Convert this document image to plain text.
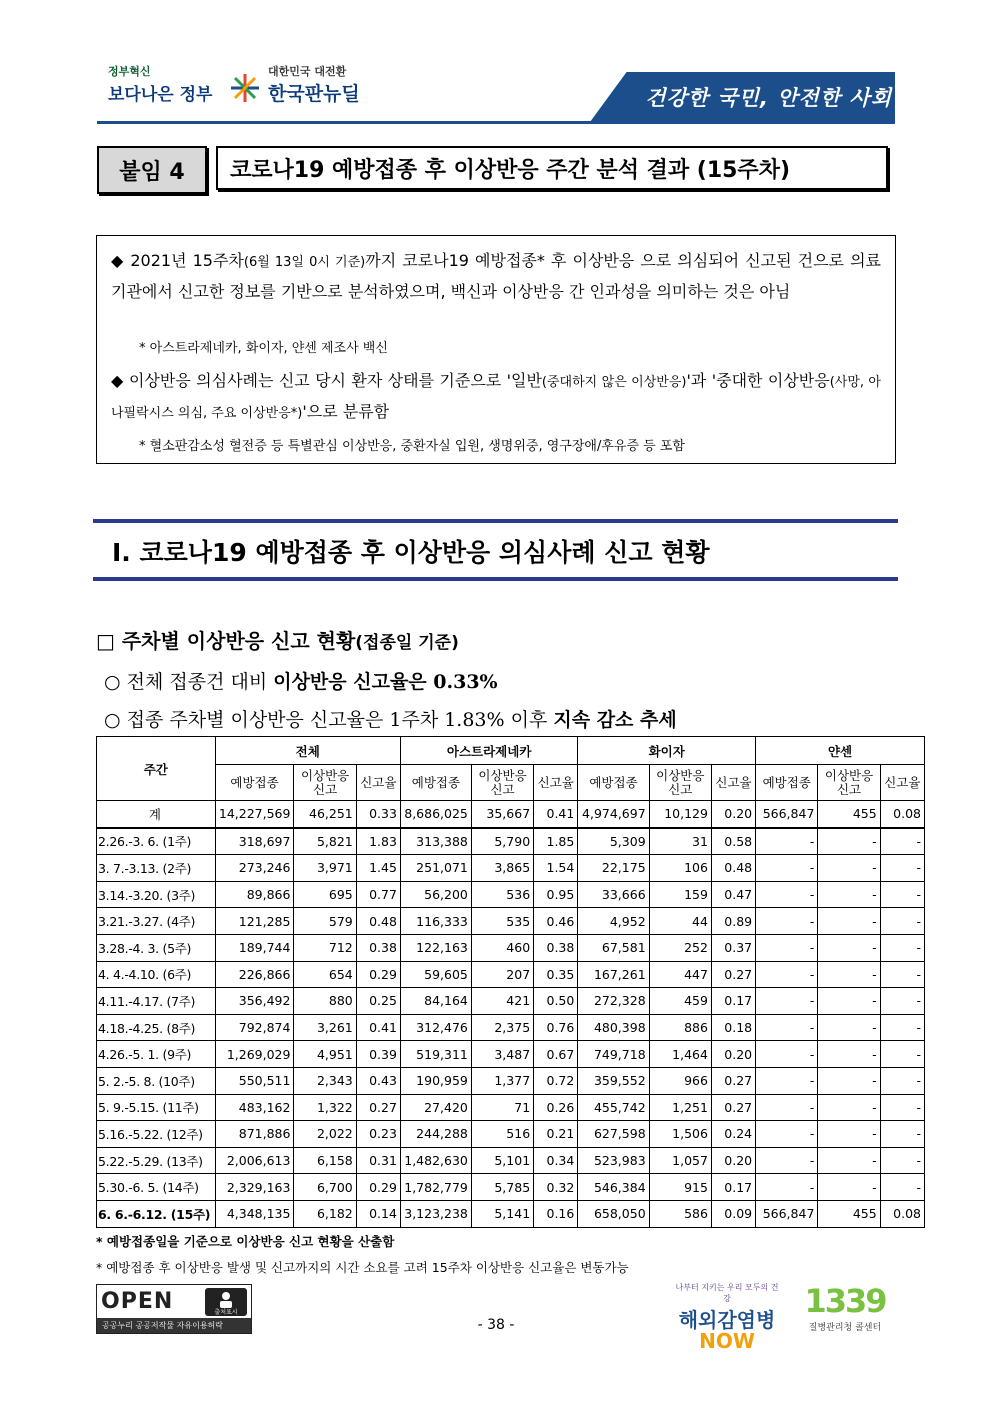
정부혁신
보다나은 정부
대한민국 대전환
한국판뉴딜	건강한 국민, 안전한 사회
붙임 4	코로나19 예방접종 후 이상반응 주간 분석 결과 (15주차)
◆ 2021년 15주차(6월 13일 0시 기준)까지 코로나19 예방접종* 후 이상반응 으로 의심되어 신고된 건으로 의료기관에서 신고한 정보를 기반으로 분석하였으며, 백신과 이상반응 간 인과성을 의미하는 것은 아님
* 아스트라제네카, 화이자, 얀센 제조사 백신
◆ 이상반응 의심사례는 신고 당시 환자 상태를 기준으로 '일반(중대하지 않은 이상반응)'과 '중대한 이상반응(사망, 아나필락시스 의심, 주요 이상반응*)'으로 분류함
* 혈소판감소성 혈전증 등 특별관심 이상반응, 중환자실 입원, 생명위중, 영구장애/후유증 등 포함
Ⅰ. 코로나19 예방접종 후 이상반응 의심사례 신고 현황
□ 주차별 이상반응 신고 현황(접종일 기준)
○ 전체 접종건 대비 이상반응 신고율은 0.33%
○ 접종 주차별 이상반응 신고율은 1주차 1.83% 이후 지속 감소 추세
주간	전체			아스트라제네카			화이자			얀센		
	예방접종	이상반응 신고	신고율	예방접종	이상반응 신고	신고율	예방접종	이상반응 신고	신고율	예방접종	이상반응 신고	신고율
계	14,227,569	46,251	0.33	8,686,025	35,667	0.41	4,974,697	10,129	0.20	566,847	455	0.08
2.26.-3. 6. (1주)	318,697	5,821	1.83	313,388	5,790	1.85	5,309	31	0.58	-	-	-
3. 7.-3.13. (2주)	273,246	3,971	1.45	251,071	3,865	1.54	22,175	106	0.48	-	-	-
3.14.-3.20. (3주)	89,866	695	0.77	56,200	536	0.95	33,666	159	0.47	-	-	-
3.21.-3.27. (4주)	121,285	579	0.48	116,333	535	0.46	4,952	44	0.89	-	-	-
3.28.-4. 3. (5주)	189,744	712	0.38	122,163	460	0.38	67,581	252	0.37	-	-	-
4. 4.-4.10. (6주)	226,866	654	0.29	59,605	207	0.35	167,261	447	0.27	-	-	-
4.11.-4.17. (7주)	356,492	880	0.25	84,164	421	0.50	272,328	459	0.17	-	-	-
4.18.-4.25. (8주)	792,874	3,261	0.41	312,476	2,375	0.76	480,398	886	0.18	-	-	-
4.26.-5. 1. (9주)	1,269,029	4,951	0.39	519,311	3,487	0.67	749,718	1,464	0.20	-	-	-
5. 2.-5. 8. (10주)	550,511	2,343	0.43	190,959	1,377	0.72	359,552	966	0.27	-	-	-
5. 9.-5.15. (11주)	483,162	1,322	0.27	27,420	71	0.26	455,742	1,251	0.27	-	-	-
5.16.-5.22. (12주)	871,886	2,022	0.23	244,288	516	0.21	627,598	1,506	0.24	-	-	-
5.22.-5.29. (13주)	2,006,613	6,158	0.31	1,482,630	5,101	0.34	523,983	1,057	0.20	-	-	-
5.30.-6. 5. (14주)	2,329,163	6,700	0.29	1,782,779	5,785	0.32	546,384	915	0.17	-	-	-
6. 6.-6.12. (15주)	4,348,135	6,182	0.14	3,123,238	5,141	0.16	658,050	586	0.09	566,847	455	0.08
* 예방접종일을 기준으로 이상반응 신고 현황을 산출함
* 예방접종 후 이상반응 발생 및 신고까지의 시간 소요를 고려 15주차 이상반응 신고율은 변동가능
OPEN	출처표시
공공누리 공공저작물 자유이용허락	- 38 -
나부터 지키는 우리 모두의 건강
해외감염병
NOW
1339
질병관리청 콜센터
